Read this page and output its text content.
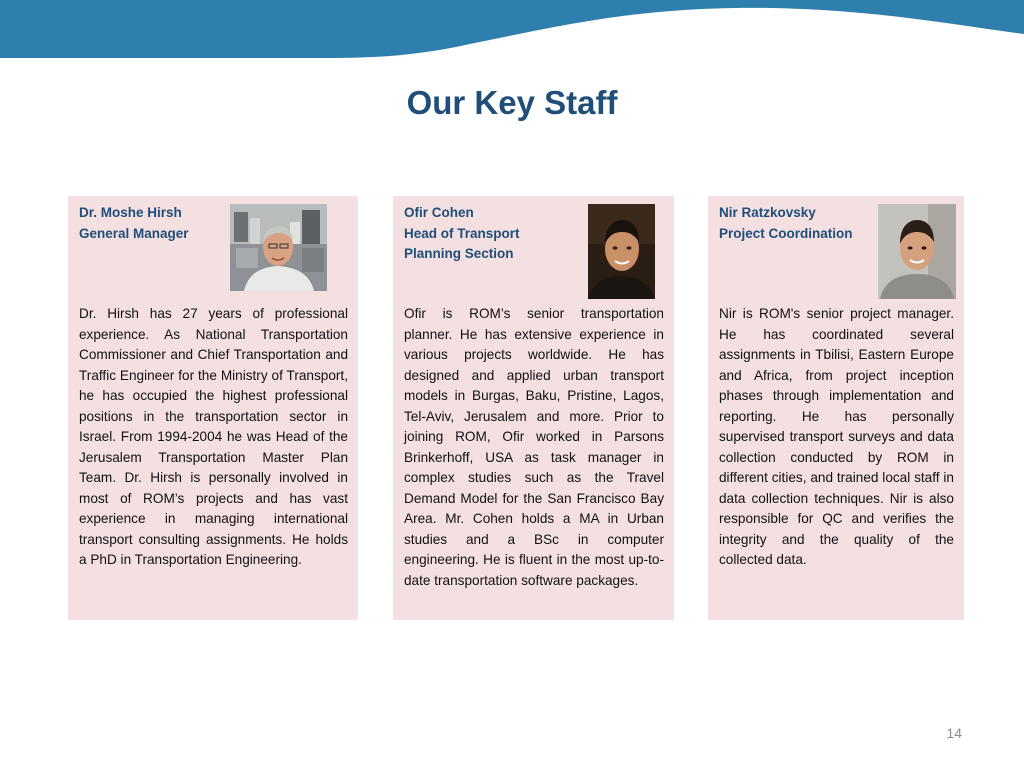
Our Key Staff
Dr. Moshe Hirsh
General Manager
Dr. Hirsh has 27 years of professional experience. As National Transportation Commissioner and Chief Transportation and Traffic Engineer for the Ministry of Transport, he has occupied the highest professional positions in the transportation sector in Israel. From 1994-2004 he was Head of the Jerusalem Transportation Master Plan Team. Dr. Hirsh is personally involved in most of ROM’s projects and has vast experience in managing international transport consulting assignments. He holds a PhD in Transportation Engineering.
Ofir Cohen
Head of Transport
Planning Section
Ofir is ROM’s senior transportation planner. He has extensive experience in various projects worldwide. He has designed and applied urban transport models in Burgas, Baku, Pristine, Lagos, Tel-Aviv, Jerusalem and more. Prior to joining ROM, Ofir worked in Parsons Brinkerhoff, USA as task manager in complex studies such as the Travel Demand Model for the San Francisco Bay Area. Mr. Cohen holds a MA in Urban studies and a BSc in computer engineering. He is fluent in the most up-to-date transportation software packages.
Nir Ratzkovsky
Project Coordination
Nir is ROM's senior project manager. He has coordinated several assignments in Tbilisi, Eastern Europe and Africa, from project inception phases through implementation and reporting. He has personally supervised transport surveys and data collection conducted by ROM in different cities, and trained local staff in data collection techniques. Nir is also responsible for QC and verifies the integrity and the quality of the collected data.
14
